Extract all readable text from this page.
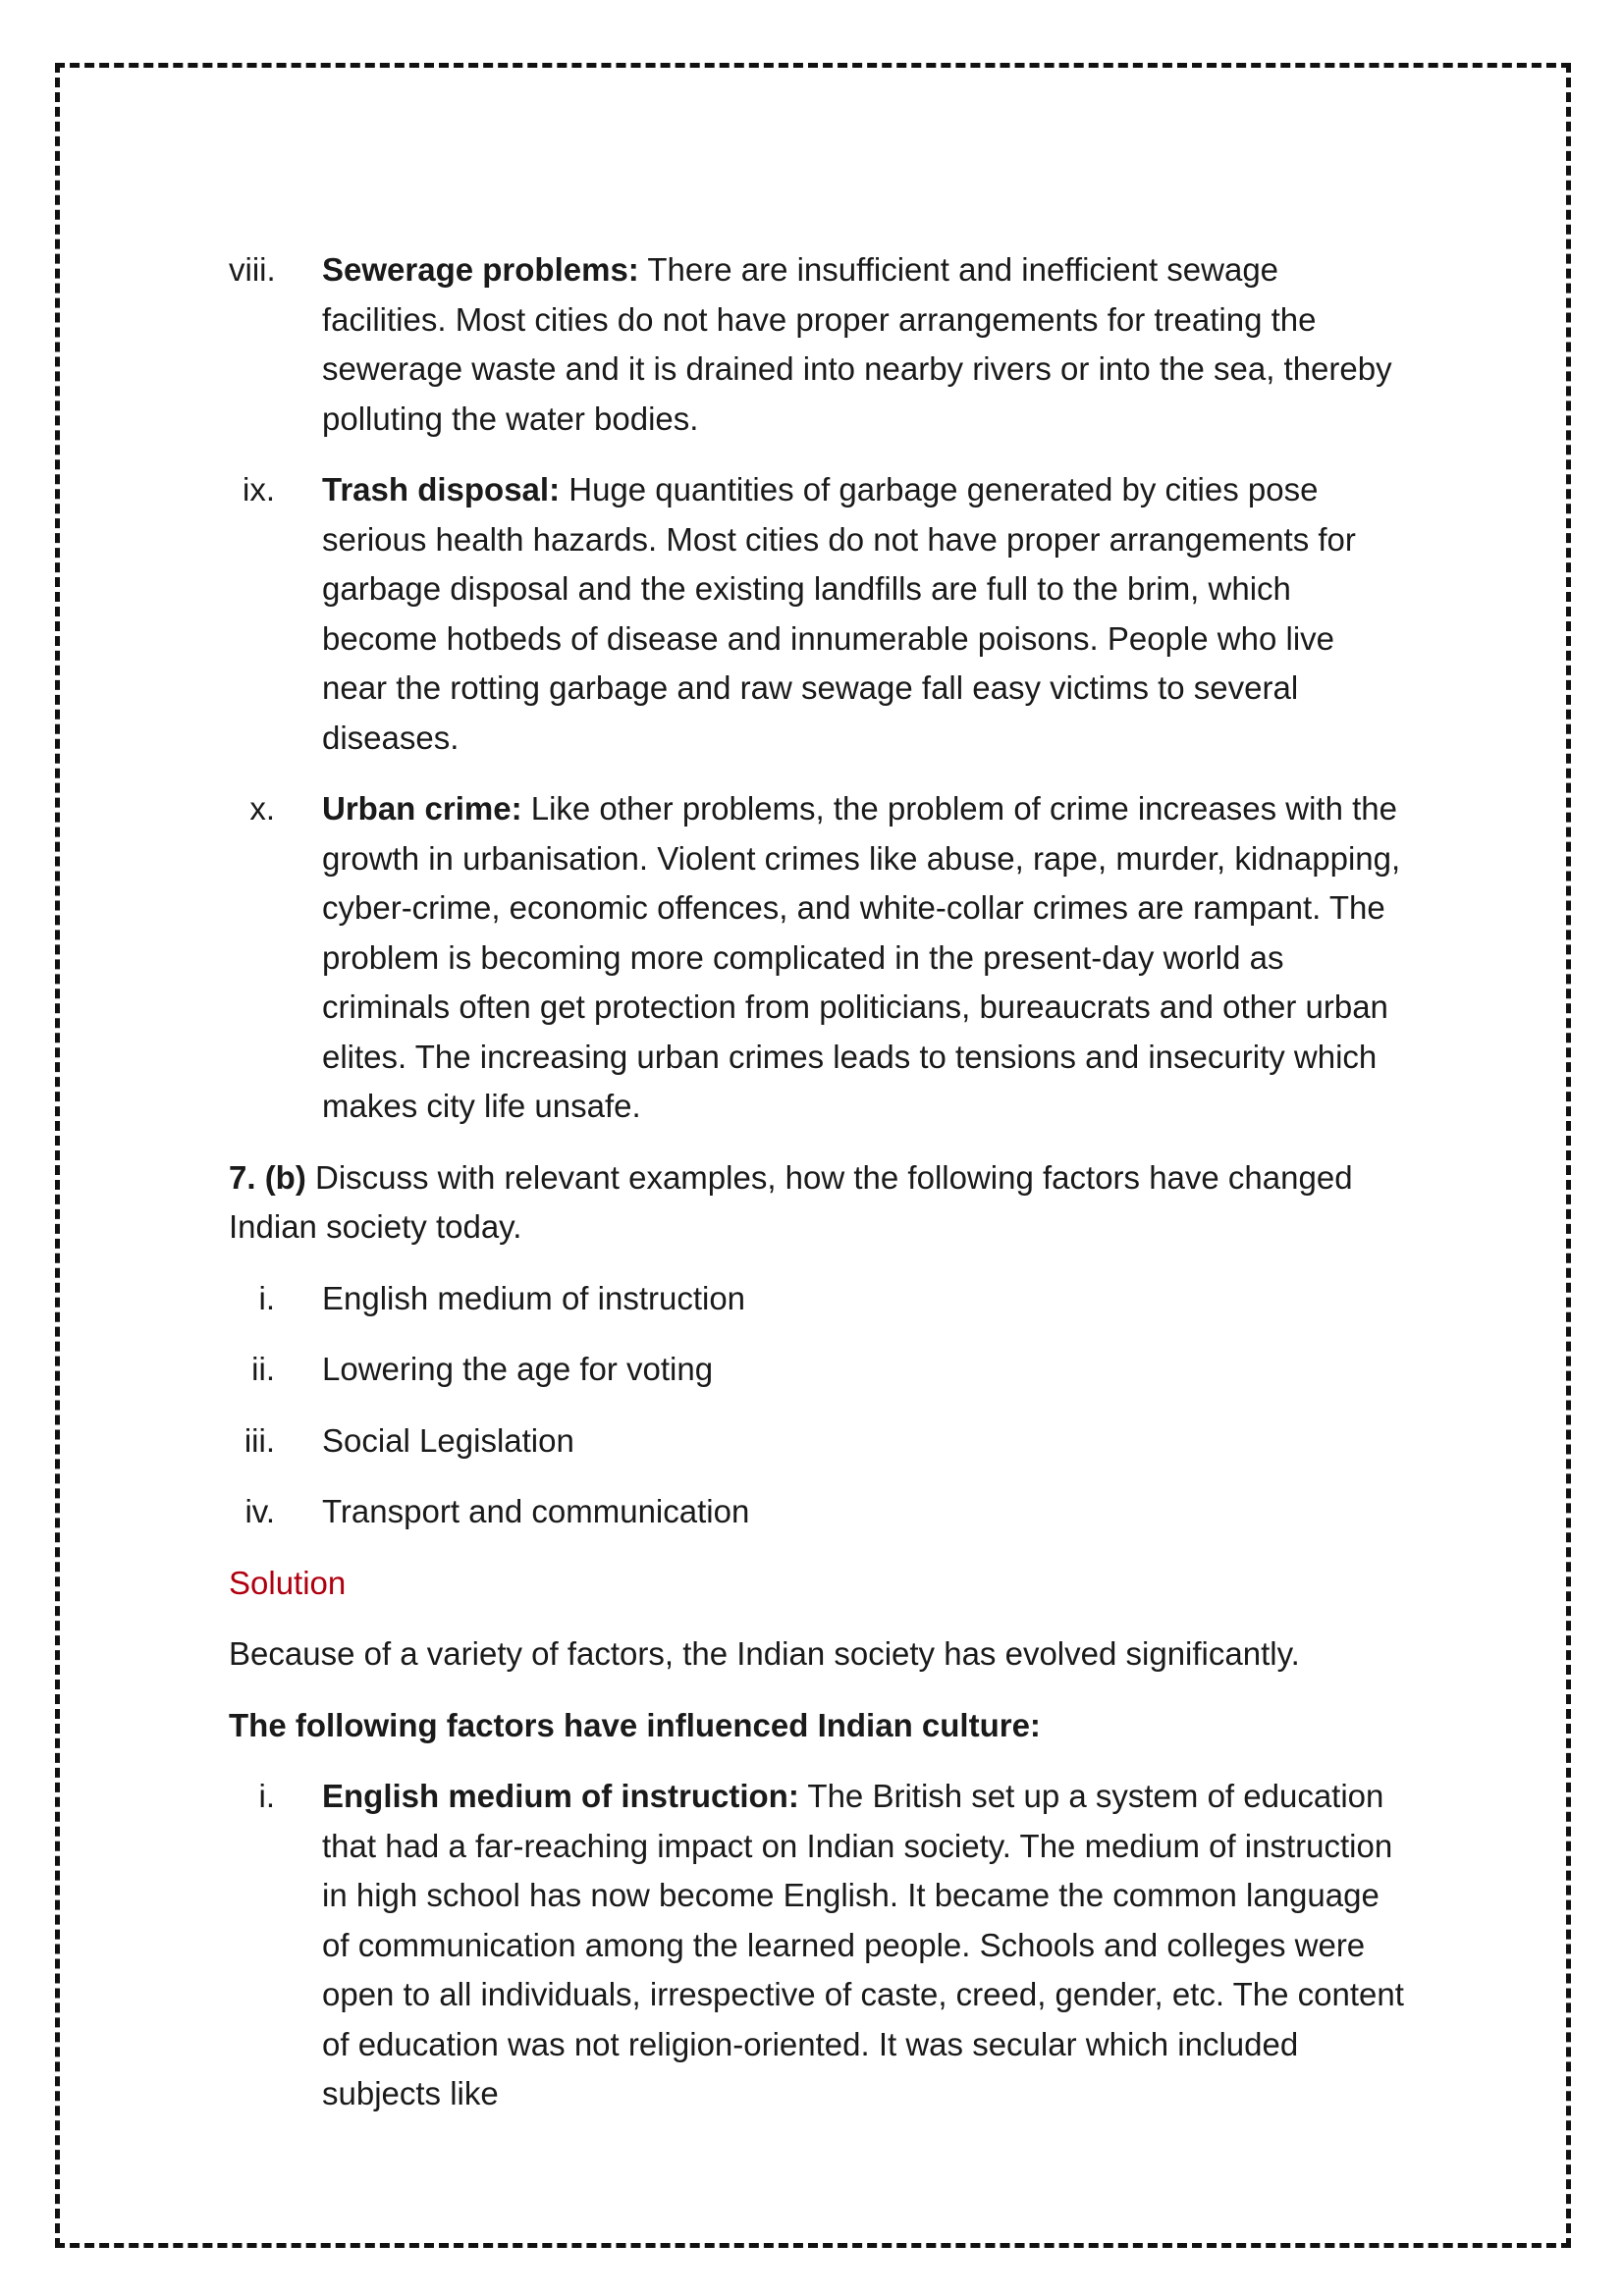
viii.	Sewerage problems: There are insufficient and inefficient sewage facilities. Most cities do not have proper arrangements for treating the sewerage waste and it is drained into nearby rivers or into the sea, thereby polluting the water bodies.
ix.	Trash disposal: Huge quantities of garbage generated by cities pose serious health hazards. Most cities do not have proper arrangements for garbage disposal and the existing landfills are full to the brim, which become hotbeds of disease and innumerable poisons. People who live near the rotting garbage and raw sewage fall easy victims to several diseases.
x.	Urban crime: Like other problems, the problem of crime increases with the growth in urbanisation. Violent crimes like abuse, rape, murder, kidnapping, cyber-crime, economic offences, and white-collar crimes are rampant. The problem is becoming more complicated in the present-day world as criminals often get protection from politicians, bureaucrats and other urban elites. The increasing urban crimes leads to tensions and insecurity which makes city life unsafe.
7. (b) Discuss with relevant examples, how the following factors have changed Indian society today.
i.	English medium of instruction
ii.	Lowering the age for voting
iii.	Social Legislation
iv.	Transport and communication
Solution
Because of a variety of factors, the Indian society has evolved significantly.
The following factors have influenced Indian culture:
i.	English medium of instruction: The British set up a system of education that had a far-reaching impact on Indian society. The medium of instruction in high school has now become English. It became the common language of communication among the learned people. Schools and colleges were open to all individuals, irrespective of caste, creed, gender, etc. The content of education was not religion-oriented. It was secular which included subjects like
